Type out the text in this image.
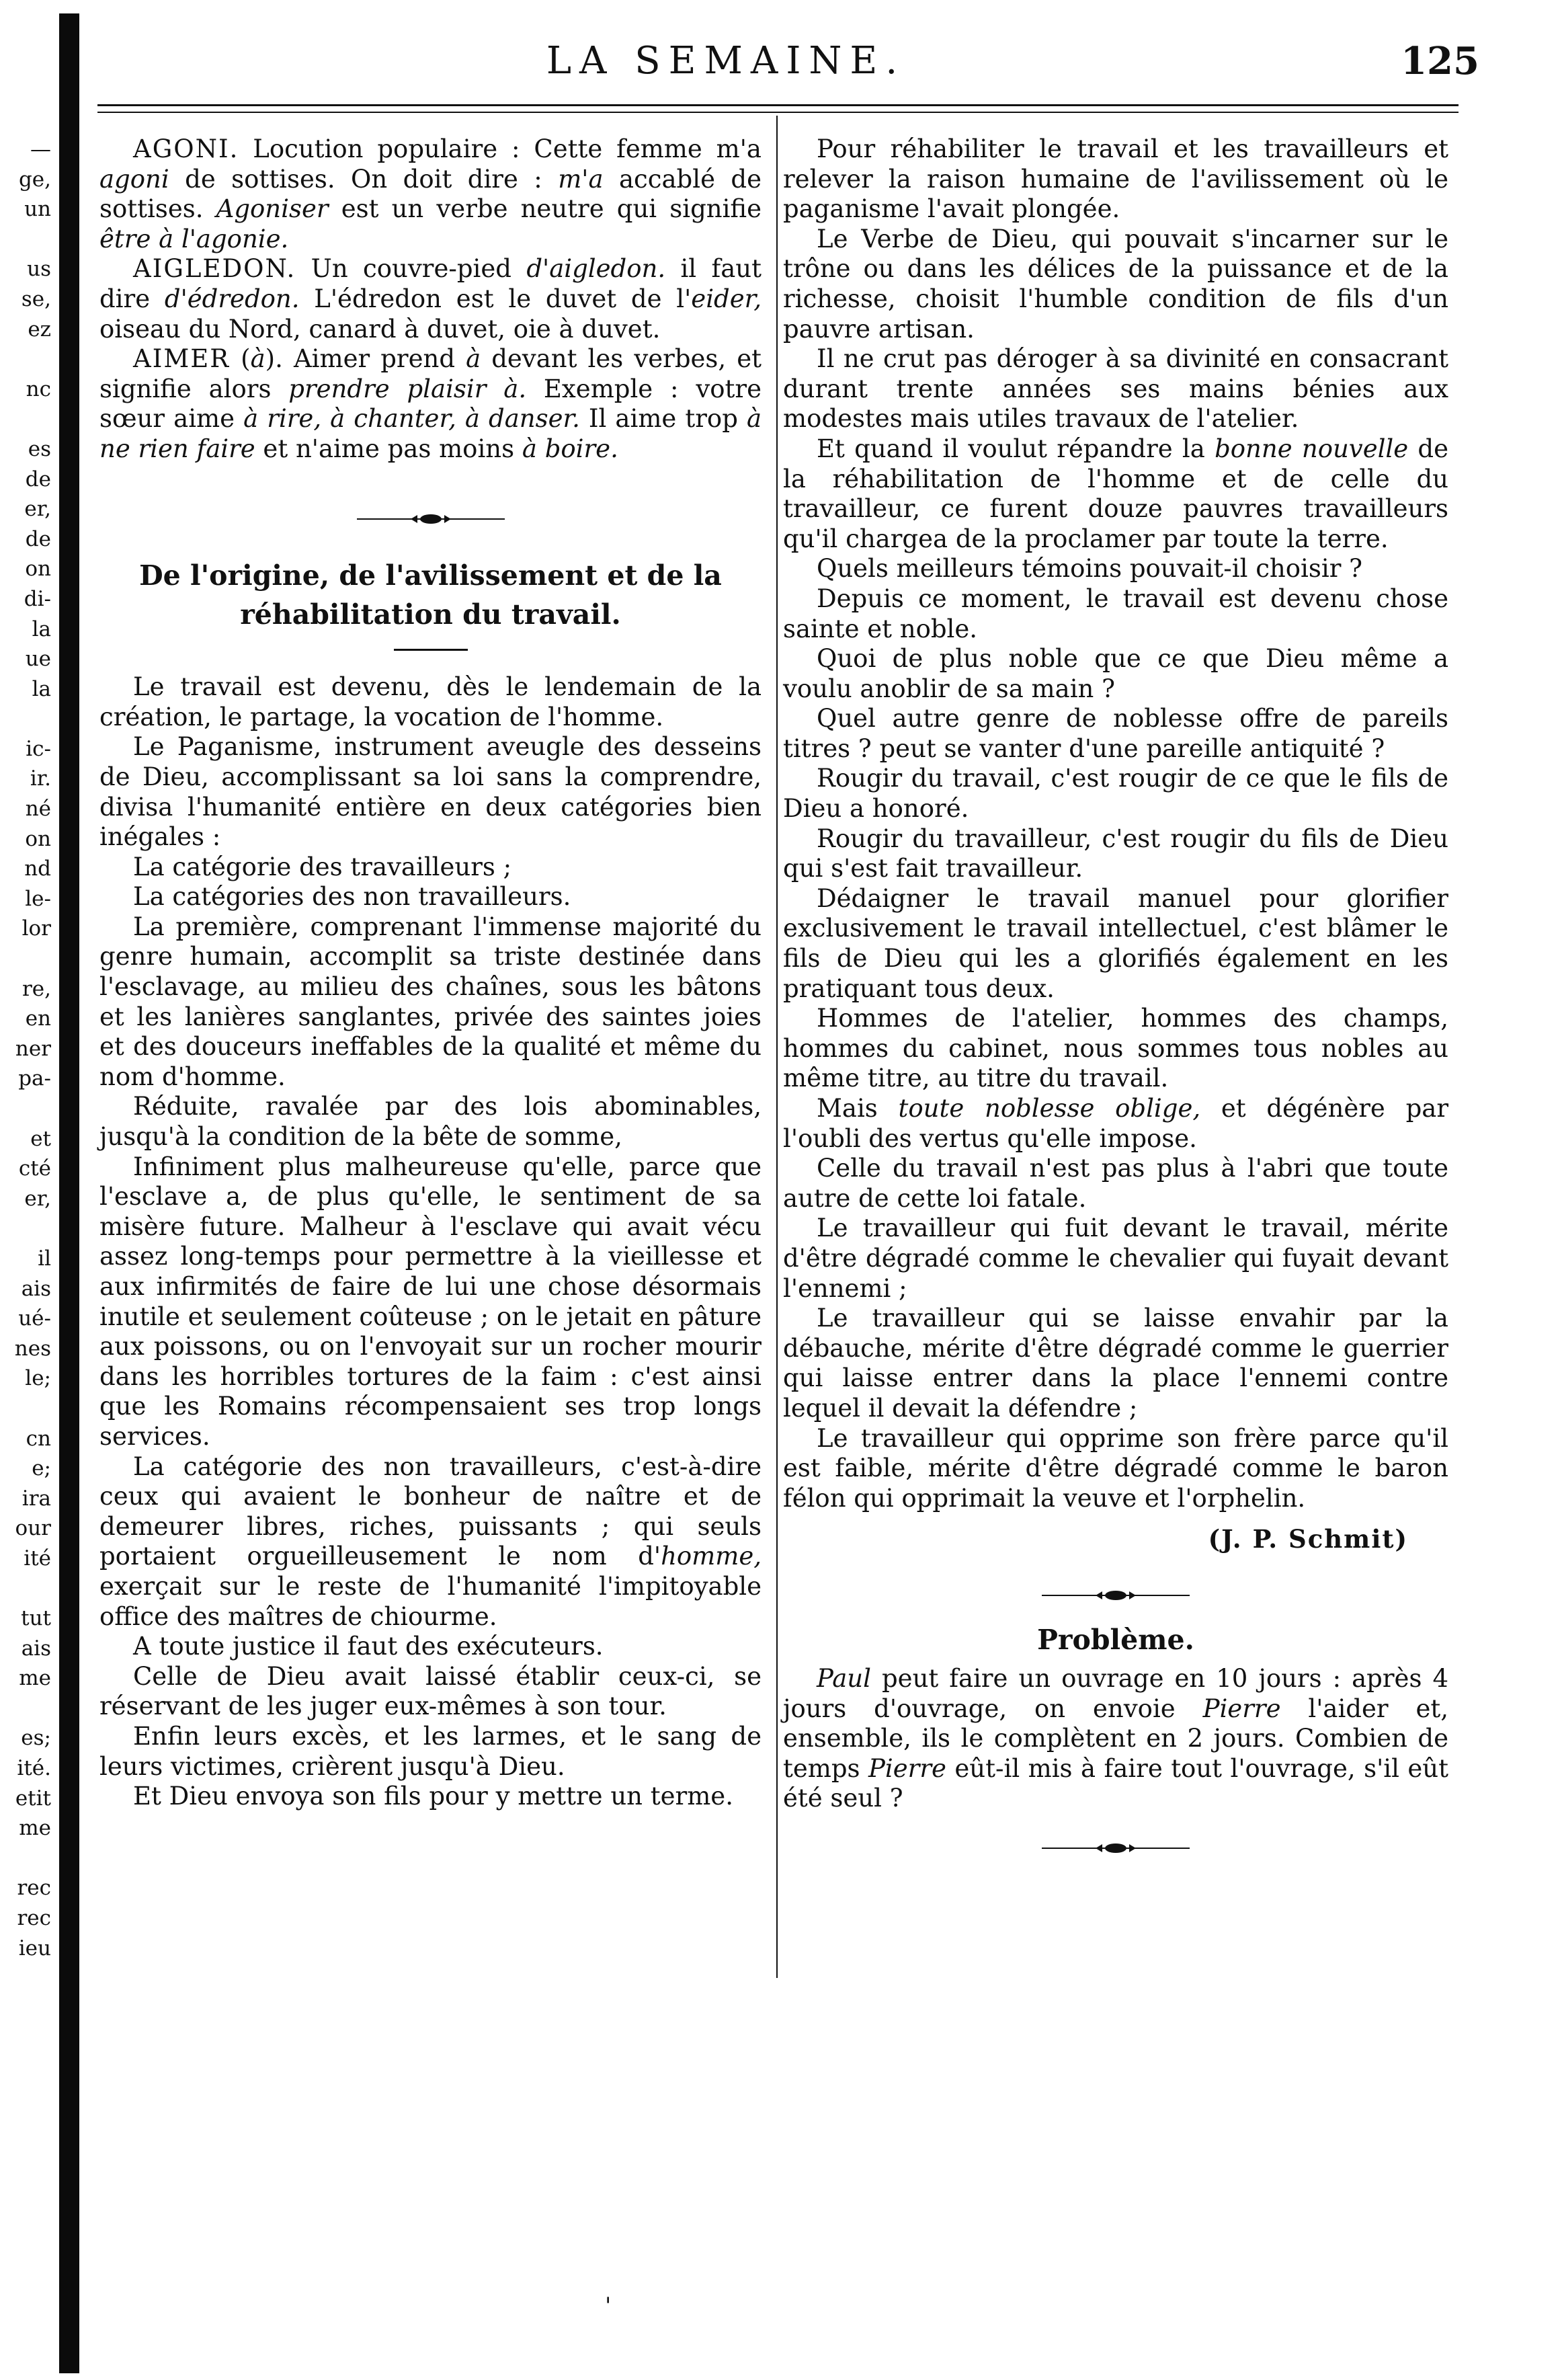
—
ge,
un
us
se,
ez
nc
es
de
er,
de
on
di-
la
ue
la
ic-
ir.
né
on
nd
le-
lor
re,
en
ner
pa-
et
cté
er,
il
ais
ué-
nes
le;
cn
e;
ira
our
ité
tut
ais
me
es;
ité.
etit
me
rec
rec
ieu
LA SEMAINE.	125

AGONI. Locution populaire : Cette femme m'a agoni de sottises. On doit dire : m'a accablé de sottises. Agoniser est un verbe neutre qui signifie être à l'agonie.

AIGLEDON. Un couvre-pied d'aigledon. il faut dire d'édredon. L'édredon est le duvet de l'eider, oiseau du Nord, canard à duvet, oie à duvet.

AIMER (à). Aimer prend à devant les verbes, et signifie alors prendre plaisir à. Exemple : votre sœur aime à rire, à chanter, à danser. Il aime trop à ne rien faire et n'aime pas moins à boire.

De l'origine, de l'avilissement et de la réhabilitation du travail.

Le travail est devenu, dès le lendemain de la création, le partage, la vocation de l'homme.

Le Paganisme, instrument aveugle des desseins de Dieu, accomplissant sa loi sans la comprendre, divisa l'humanité entière en deux catégories bien inégales :

La catégorie des travailleurs ;

La catégories des non travailleurs.

La première, comprenant l'immense majorité du genre humain, accomplit sa triste destinée dans l'esclavage, au milieu des chaînes, sous les bâtons et les lanières sanglantes, privée des saintes joies et des douceurs ineffables de la qualité et même du nom d'homme.

Réduite, ravalée par des lois abominables, jusqu'à la condition de la bête de somme,

Infiniment plus malheureuse qu'elle, parce que l'esclave a, de plus qu'elle, le sentiment de sa misère future. Malheur à l'esclave qui avait vécu assez long-temps pour permettre à la vieillesse et aux infirmités de faire de lui une chose désormais inutile et seulement coûteuse ; on le jetait en pâture aux poissons, ou on l'envoyait sur un rocher mourir dans les horribles tortures de la faim : c'est ainsi que les Romains récompensaient ses trop longs services.

La catégorie des non travailleurs, c'est-à-dire ceux qui avaient le bonheur de naître et de demeurer libres, riches, puissants ; qui seuls portaient orgueilleusement le nom d'homme, exerçait sur le reste de l'humanité l'impitoyable office des maîtres de chiourme.

A toute justice il faut des exécuteurs.

Celle de Dieu avait laissé établir ceux-ci, se réservant de les juger eux-mêmes à son tour.

Enfin leurs excès, et les larmes, et le sang de leurs victimes, crièrent jusqu'à Dieu.

Et Dieu envoya son fils pour y mettre un terme.

Pour réhabiliter le travail et les travailleurs et relever la raison humaine de l'avilissement où le paganisme l'avait plongée.

Le Verbe de Dieu, qui pouvait s'incarner sur le trône ou dans les délices de la puissance et de la richesse, choisit l'humble condition de fils d'un pauvre artisan.

Il ne crut pas déroger à sa divinité en consacrant durant trente années ses mains bénies aux modestes mais utiles travaux de l'atelier.

Et quand il voulut répandre la bonne nouvelle de la réhabilitation de l'homme et de celle du travailleur, ce furent douze pauvres travailleurs qu'il chargea de la proclamer par toute la terre.

Quels meilleurs témoins pouvait-il choisir ?

Depuis ce moment, le travail est devenu chose sainte et noble.

Quoi de plus noble que ce que Dieu même a voulu anoblir de sa main ?

Quel autre genre de noblesse offre de pareils titres ? peut se vanter d'une pareille antiquité ?

Rougir du travail, c'est rougir de ce que le fils de Dieu a honoré.

Rougir du travailleur, c'est rougir du fils de Dieu qui s'est fait travailleur.

Dédaigner le travail manuel pour glorifier exclusivement le travail intellectuel, c'est blâmer le fils de Dieu qui les a glorifiés également en les pratiquant tous deux.

Hommes de l'atelier, hommes des champs, hommes du cabinet, nous sommes tous nobles au même titre, au titre du travail.

Mais toute noblesse oblige, et dégénère par l'oubli des vertus qu'elle impose.

Celle du travail n'est pas plus à l'abri que toute autre de cette loi fatale.

Le travailleur qui fuit devant le travail, mérite d'être dégradé comme le chevalier qui fuyait devant l'ennemi ;

Le travailleur qui se laisse envahir par la débauche, mérite d'être dégradé comme le guerrier qui laisse entrer dans la place l'ennemi contre lequel il devait la défendre ;

Le travailleur qui opprime son frère parce qu'il est faible, mérite d'être dégradé comme le baron félon qui opprimait la veuve et l'orphelin.

(J. P. Schmit)
Problème.

Paul peut faire un ouvrage en 10 jours : après 4 jours d'ouvrage, on envoie Pierre l'aider et, ensemble, ils le complètent en 2 jours. Combien de temps Pierre eût-il mis à faire tout l'ouvrage, s'il eût été seul ?

'
